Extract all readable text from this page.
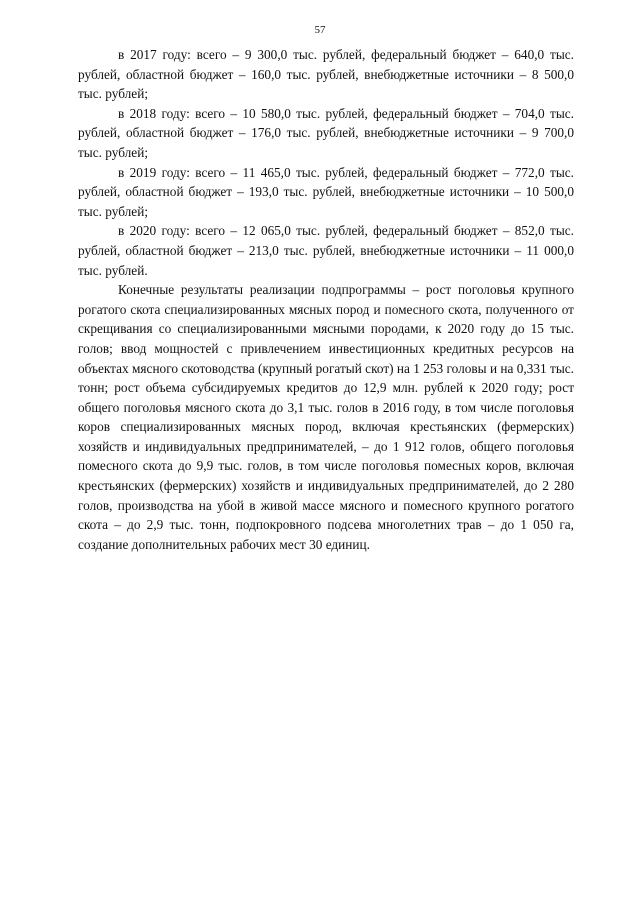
57

в 2017 году: всего – 9 300,0 тыс. рублей, федеральный бюджет – 640,0 тыс. рублей, областной бюджет – 160,0 тыс. рублей, внебюджетные источники – 8 500,0 тыс. рублей;

в 2018 году: всего – 10 580,0 тыс. рублей, федеральный бюджет – 704,0 тыс. рублей, областной бюджет – 176,0 тыс. рублей, внебюджетные источники – 9 700,0 тыс. рублей;

в 2019 году: всего – 11 465,0 тыс. рублей, федеральный бюджет – 772,0 тыс. рублей, областной бюджет – 193,0 тыс. рублей, внебюджетные источники – 10 500,0 тыс. рублей;

в 2020 году: всего – 12 065,0 тыс. рублей, федеральный бюджет – 852,0 тыс. рублей, областной бюджет – 213,0 тыс. рублей, внебюджетные источники – 11 000,0 тыс. рублей.

Конечные результаты реализации подпрограммы – рост поголовья крупного рогатого скота специализированных мясных пород и помесного скота, полученного от скрещивания со специализированными мясными породами, к 2020 году до 15 тыс. голов; ввод мощностей с привлечением инвестиционных кредитных ресурсов на объектах мясного скотоводства (крупный рогатый скот) на 1 253 головы и на 0,331 тыс. тонн; рост объема субсидируемых кредитов до 12,9 млн. рублей к 2020 году; рост общего поголовья мясного скота до 3,1 тыс. голов в 2016 году, в том числе поголовья коров специализированных мясных пород, включая крестьянских (фермерских) хозяйств и индивидуальных предпринимателей, – до 1 912 голов, общего поголовья помесного скота до 9,9 тыс. голов, в том числе поголовья помесных коров, включая крестьянских (фермерских) хозяйств и индивидуальных предпринимателей, до 2 280 голов, производства на убой в живой массе мясного и помесного крупного рогатого скота – до 2,9 тыс. тонн, подпокровного подсева многолетних трав – до 1 050 га, создание дополнительных рабочих мест 30 единиц.
